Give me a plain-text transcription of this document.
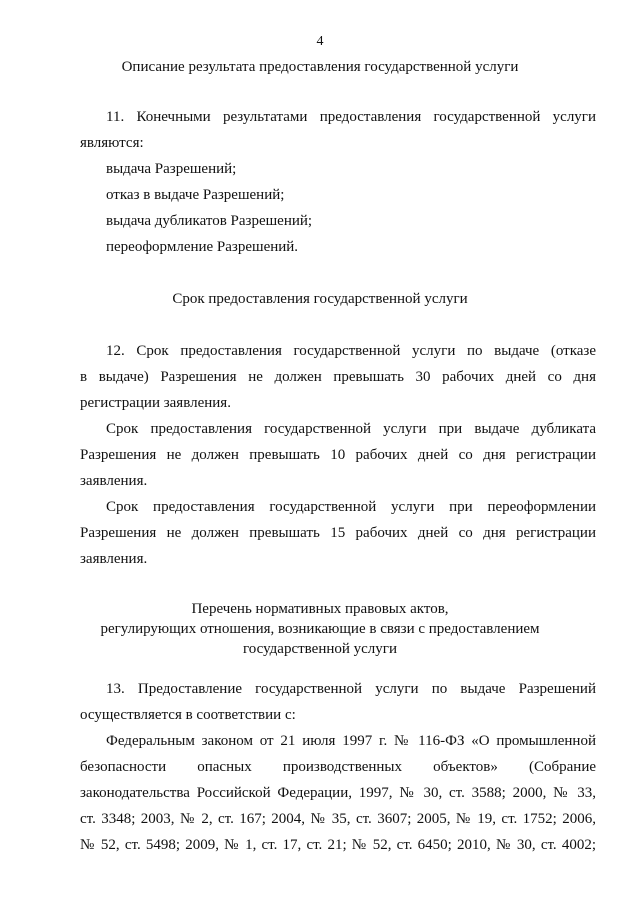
4
Описание результата предоставления государственной услуги
11. Конечными результатами предоставления государственной услуги
являются:
выдача Разрешений;
отказ в выдаче Разрешений;
выдача дубликатов Разрешений;
переоформление Разрешений.
Срок предоставления государственной услуги
12. Срок предоставления государственной услуги по выдаче (отказе
в выдаче) Разрешения не должен превышать 30 рабочих дней со дня
регистрации заявления.
Срок предоставления государственной услуги при выдаче дубликата
Разрешения не должен превышать 10 рабочих дней со дня регистрации
заявления.
Срок предоставления государственной услуги при переоформлении
Разрешения не должен превышать 15 рабочих дней со дня регистрации
заявления.
Перечень нормативных правовых актов,
регулирующих отношения, возникающие в связи с предоставлением
государственной услуги
13. Предоставление государственной услуги по выдаче Разрешений
осуществляется в соответствии с:
Федеральным законом от 21 июля 1997 г. № 116-ФЗ «О промышленной
безопасности опасных производственных объектов» (Собрание
законодательства Российской Федерации, 1997, № 30, ст. 3588; 2000, № 33,
ст. 3348; 2003, № 2, ст. 167; 2004, № 35, ст. 3607; 2005, № 19, ст. 1752; 2006,
№ 52, ст. 5498; 2009, № 1, ст. 17, ст. 21; № 52, ст. 6450; 2010, № 30, ст. 4002;
